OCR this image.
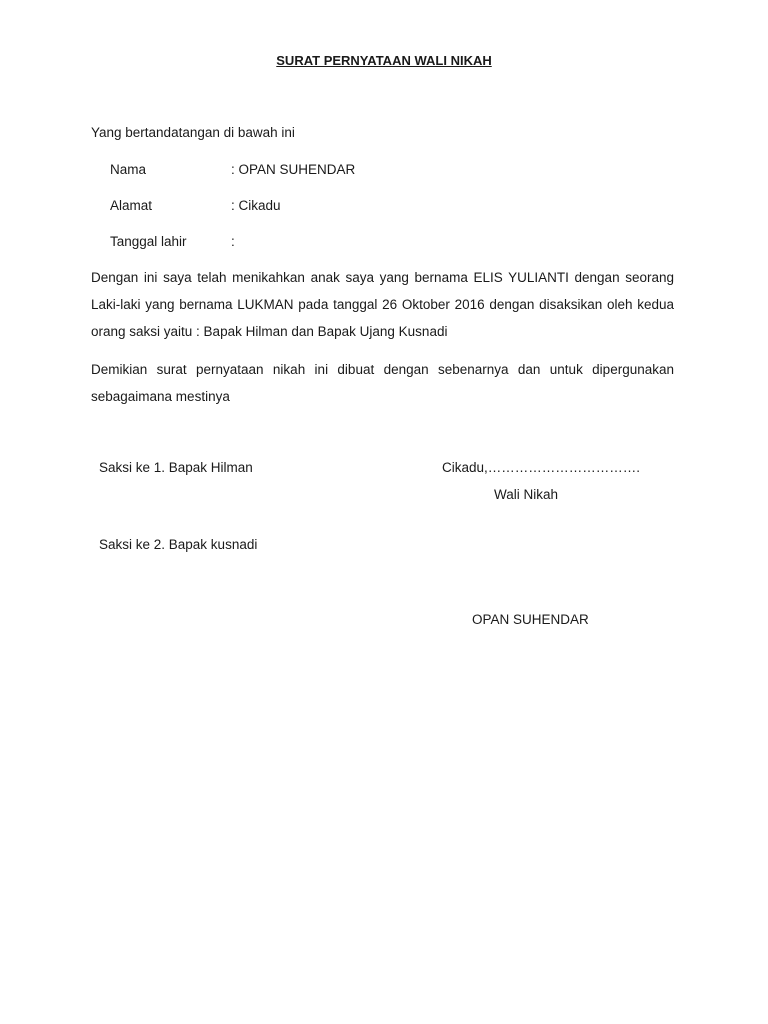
SURAT PERNYATAAN WALI NIKAH
Yang bertandatangan di bawah ini
Nama	: OPAN SUHENDAR
Alamat	: Cikadu
Tanggal lahir	:
Dengan ini saya telah menikahkan anak saya yang bernama ELIS YULIANTI dengan seorang Laki-laki yang bernama LUKMAN pada tanggal 26 Oktober 2016 dengan disaksikan oleh kedua orang saksi yaitu : Bapak Hilman dan Bapak Ujang Kusnadi
Demikian surat pernyataan nikah ini dibuat dengan sebenarnya dan untuk dipergunakan sebagaimana mestinya
Saksi ke 1. Bapak Hilman	Cikadu,…………………………….
Wali Nikah
Saksi ke 2. Bapak kusnadi
OPAN SUHENDAR
